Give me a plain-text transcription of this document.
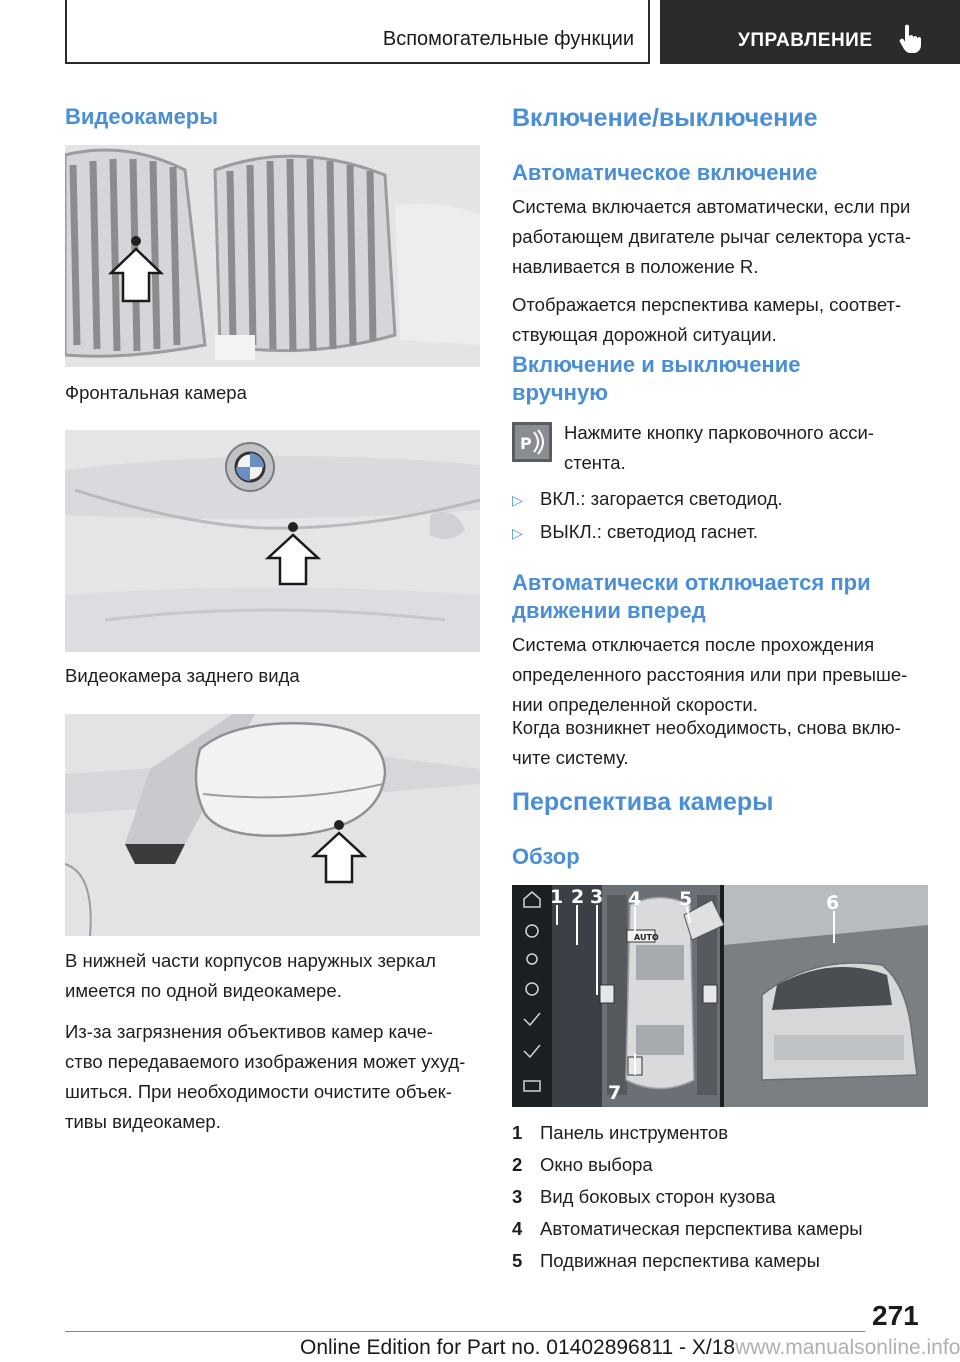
Вспомогательные функции	УПРАВЛЕНИЕ
Видеокамеры
Фронтальная камера
Видеокамера заднего вида
В нижней части корпусов наружных зеркал
имеется по одной видеокамере.
Из-за загрязнения объективов камер каче-
ство передаваемого изображения может ухуд-
шиться. При необходимости очистите объек-
тивы видеокамер.
Включение/выключение
Автоматическое включение
Система включается автоматически, если при
работающем двигателе рычаг селектора уста-
навливается в положение R.
Отображается перспектива камеры, соответ-
ствующая дорожной ситуации.
Включение и выключение
вручную
P
Нажмите кнопку парковочного асси-
стента.
▷ ВКЛ.: загорается светодиод.
▷ ВЫКЛ.: светодиод гаснет.
Автоматически отключается при
движении вперед
Система отключается после прохождения
определенного расстояния или при превыше-
нии определенной скорости.
Когда возникнет необходимость, снова вклю-
чите систему.
Перспектива камеры
Обзор
AUTO
1 2 3 4 5	6
7
1 Панель инструментов
2 Окно выбора
3 Вид боковых сторон кузова
4 Автоматическая перспектива камеры
5 Подвижная перспектива камеры
271
Online Edition for Part no. 01402896811 - X/18www.manualsonline.info
